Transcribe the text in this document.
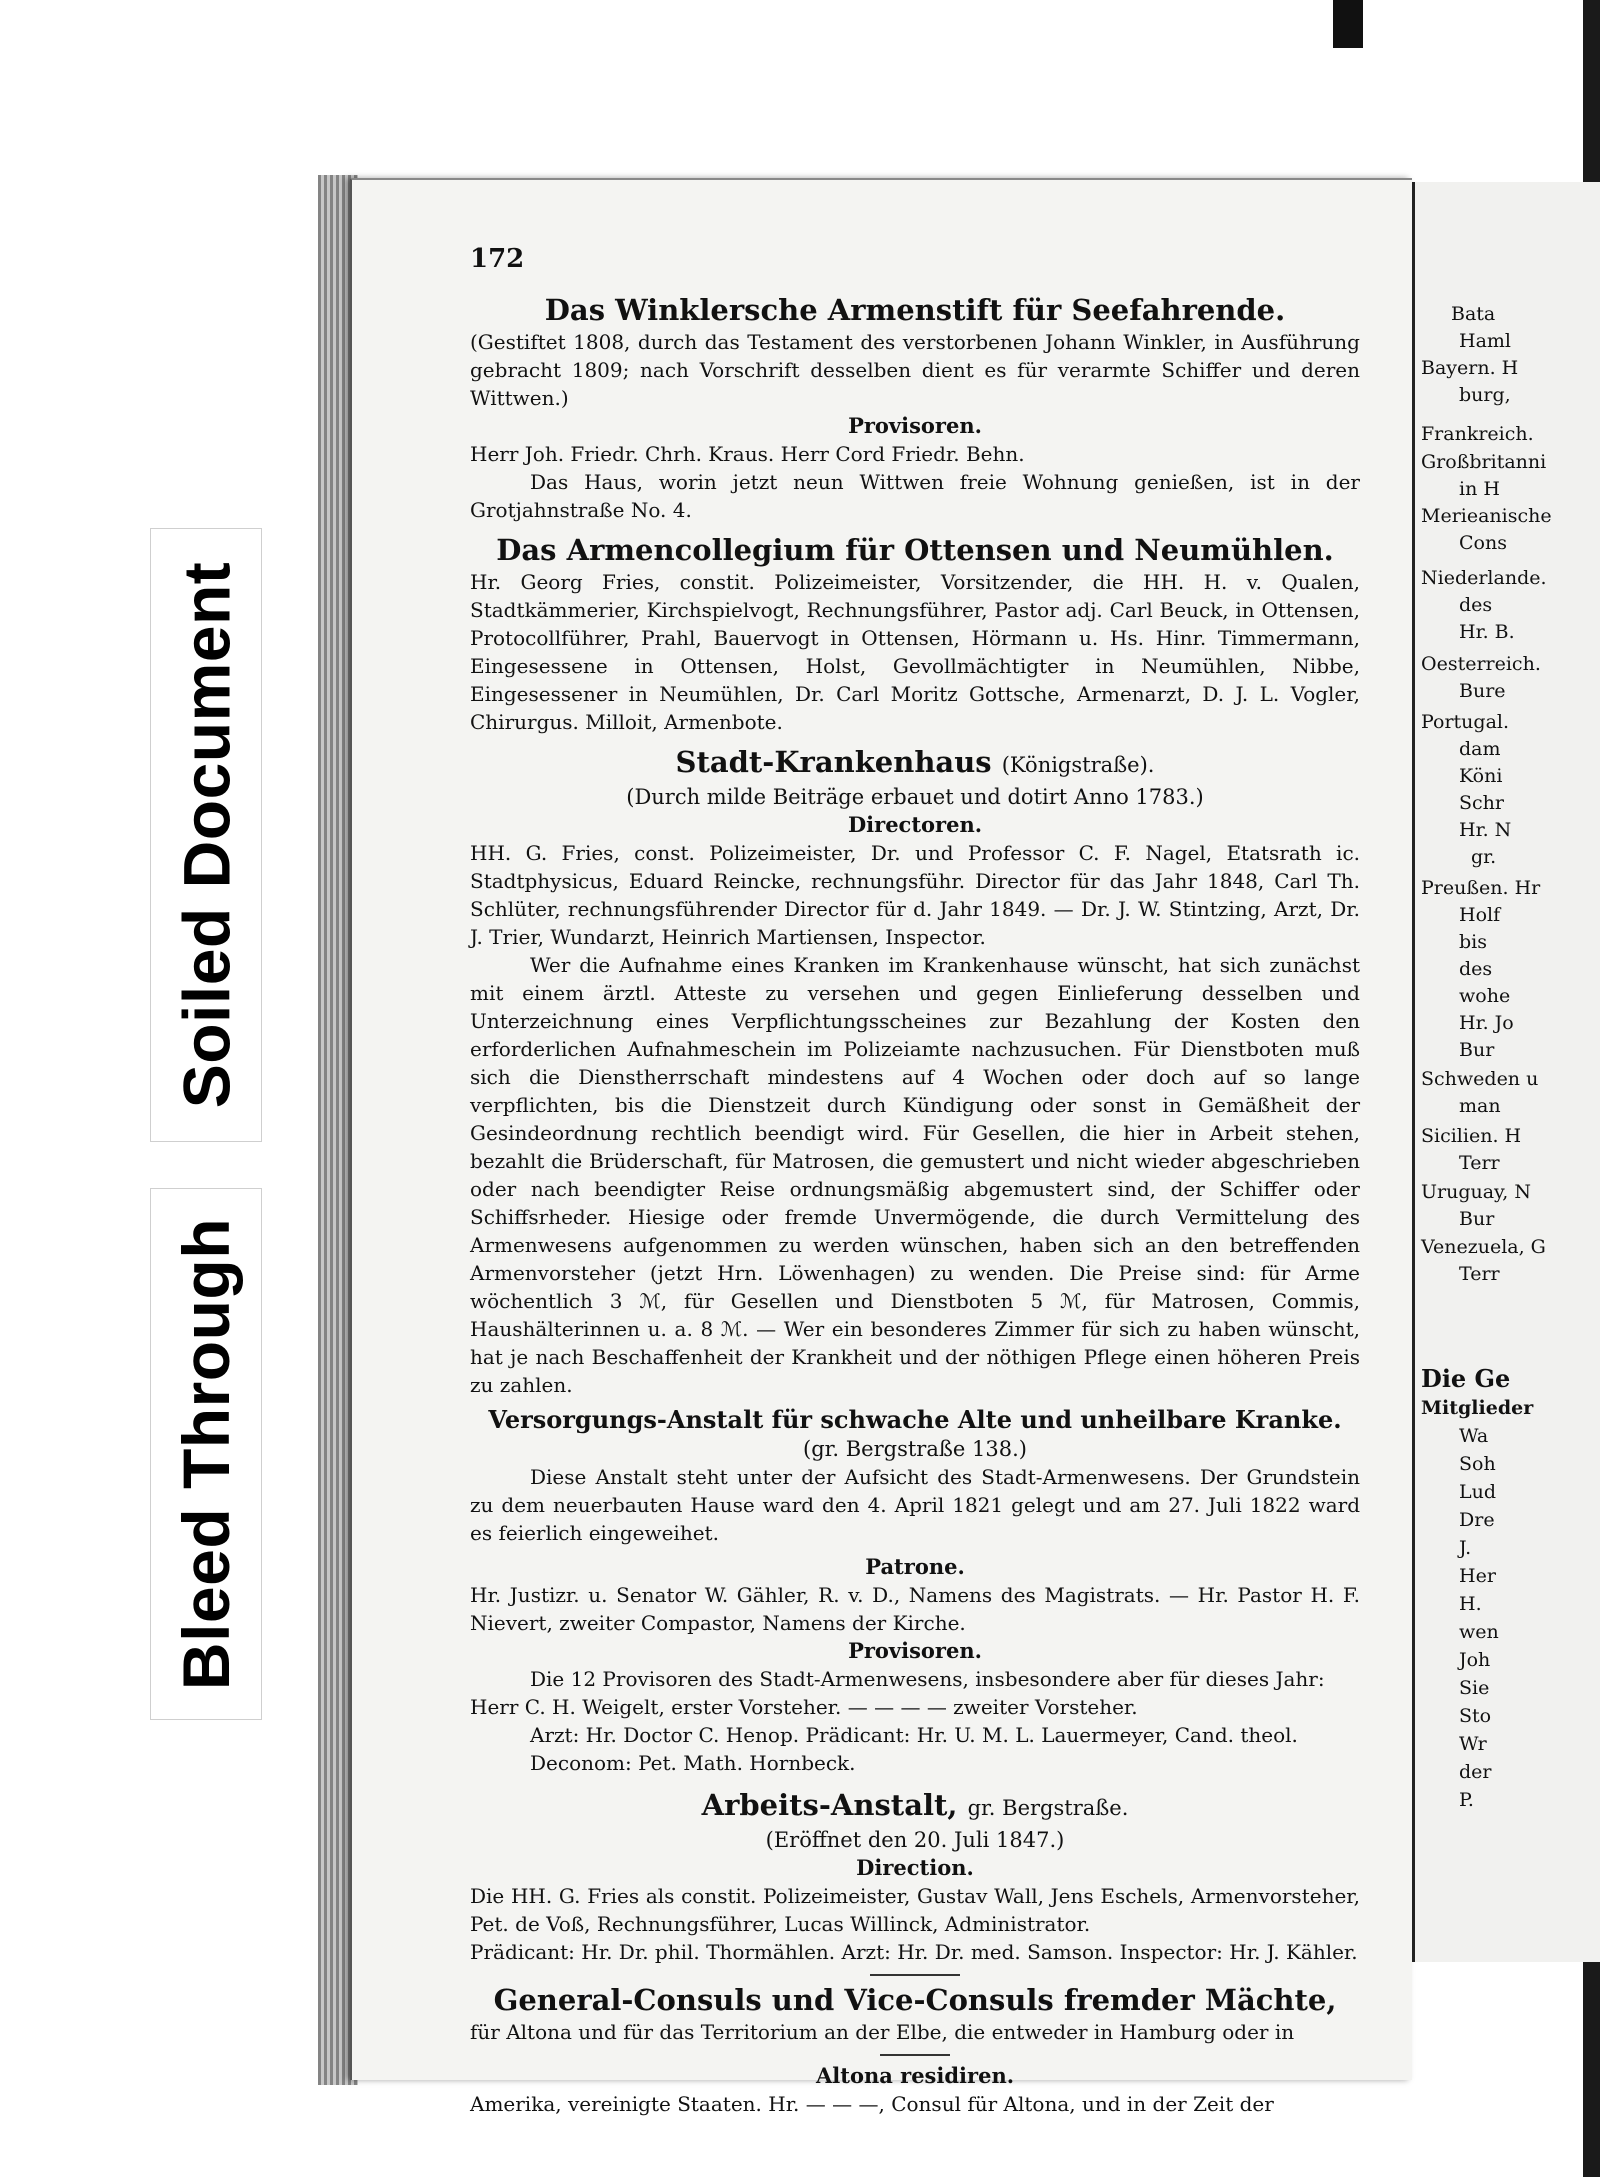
Soiled Document
Bleed Through
Bata
Haml
Bayern. H
burg,
Frankreich.
Großbritanni
in H
Merieanische
Cons
Niederlande.
des
Hr. B.
Oesterreich.
Bure
Portugal.
dam
Köni
Schr
Hr. N
gr.
Preußen. Hr
Holf
bis
des
wohe
Hr. Jo
Bur
Schweden u
man
Sicilien. H
Terr
Uruguay, N
Bur
Venezuela, G
Terr
Die Ge
Mitglieder
Wa
Soh
Lud
Dre
J.
Her
H.
wen
Joh
Sie
Sto
Wr
der
P.
172

Das Winklersche Armenstift für Seefahrende.

(Gestiftet 1808, durch das Testament des verstorbenen Johann Winkler, in Ausführung gebracht 1809; nach Vorschrift desselben dient es für verarmte Schiffer und deren Wittwen.)

Provisoren.

Herr Joh. Friedr. Chrh. Kraus. Herr Cord Friedr. Behn.

Das Haus, worin jetzt neun Wittwen freie Wohnung genießen, ist in der Grotjahnstraße No. 4.

Das Armencollegium für Ottensen und Neumühlen.

Hr. Georg Fries, constit. Polizeimeister, Vorsitzender, die HH. H. v. Qualen, Stadtkämmerier, Kirchspielvogt, Rechnungsführer, Pastor adj. Carl Beuck, in Ottensen, Protocollführer, Prahl, Bauervogt in Ottensen, Hörmann u. Hs. Hinr. Timmermann, Eingesessene in Ottensen, Holst, Gevollmächtigter in Neumühlen, Nibbe, Eingesessener in Neumühlen, Dr. Carl Moritz Gottsche, Armenarzt, D. J. L. Vogler, Chirurgus. Milloit, Armenbote.

Stadt-Krankenhaus (Königstraße).

(Durch milde Beiträge erbauet und dotirt Anno 1783.)

Directoren.

HH. G. Fries, const. Polizeimeister, Dr. und Professor C. F. Nagel, Etatsrath ic. Stadtphysicus, Eduard Reincke, rechnungsführ. Director für das Jahr 1848, Carl Th. Schlüter, rechnungsführender Director für d. Jahr 1849. — Dr. J. W. Stintzing, Arzt, Dr. J. Trier, Wundarzt, Heinrich Martiensen, Inspector.

Wer die Aufnahme eines Kranken im Krankenhause wünscht, hat sich zunächst mit einem ärztl. Atteste zu versehen und gegen Einlieferung desselben und Unterzeichnung eines Verpflichtungsscheines zur Bezahlung der Kosten den erforderlichen Aufnahmeschein im Polizeiamte nachzusuchen. Für Dienstboten muß sich die Dienstherrschaft mindestens auf 4 Wochen oder doch auf so lange verpflichten, bis die Dienstzeit durch Kündigung oder sonst in Gemäßheit der Gesindeordnung rechtlich beendigt wird. Für Gesellen, die hier in Arbeit stehen, bezahlt die Brüderschaft, für Matrosen, die gemustert und nicht wieder abgeschrieben oder nach beendigter Reise ordnungsmäßig abgemustert sind, der Schiffer oder Schiffsrheder. Hiesige oder fremde Unvermögende, die durch Vermittelung des Armenwesens aufgenommen zu werden wünschen, haben sich an den betreffenden Armenvorsteher (jetzt Hrn. Löwenhagen) zu wenden. Die Preise sind: für Arme wöchentlich 3 ℳ, für Gesellen und Dienstboten 5 ℳ, für Matrosen, Commis, Haushälterinnen u. a. 8 ℳ. — Wer ein besonderes Zimmer für sich zu haben wünscht, hat je nach Beschaffenheit der Krankheit und der nöthigen Pflege einen höheren Preis zu zahlen.

Versorgungs-Anstalt für schwache Alte und unheilbare Kranke.

(gr. Bergstraße 138.)

Diese Anstalt steht unter der Aufsicht des Stadt-Armenwesens. Der Grundstein zu dem neuerbauten Hause ward den 4. April 1821 gelegt und am 27. Juli 1822 ward es feierlich eingeweihet.

Patrone.

Hr. Justizr. u. Senator W. Gähler, R. v. D., Namens des Magistrats. — Hr. Pastor H. F. Nievert, zweiter Compastor, Namens der Kirche.

Provisoren.

Die 12 Provisoren des Stadt-Armenwesens, insbesondere aber für dieses Jahr:

Herr C. H. Weigelt, erster Vorsteher. — — — — zweiter Vorsteher.

Arzt: Hr. Doctor C. Henop. Prädicant: Hr. U. M. L. Lauermeyer, Cand. theol.

Deconom: Pet. Math. Hornbeck.

Arbeits-Anstalt, gr. Bergstraße.

(Eröffnet den 20. Juli 1847.)

Direction.

Die HH. G. Fries als constit. Polizeimeister, Gustav Wall, Jens Eschels, Armenvorsteher, Pet. de Voß, Rechnungsführer, Lucas Willinck, Administrator.

Prädicant: Hr. Dr. phil. Thormählen. Arzt: Hr. Dr. med. Samson. Inspector: Hr. J. Kähler.

General-Consuls und Vice-Consuls fremder Mächte,

für Altona und für das Territorium an der Elbe, die entweder in Hamburg oder in

Altona residiren.

Amerika, vereinigte Staaten. Hr. — — —, Consul für Altona, und in der Zeit der
